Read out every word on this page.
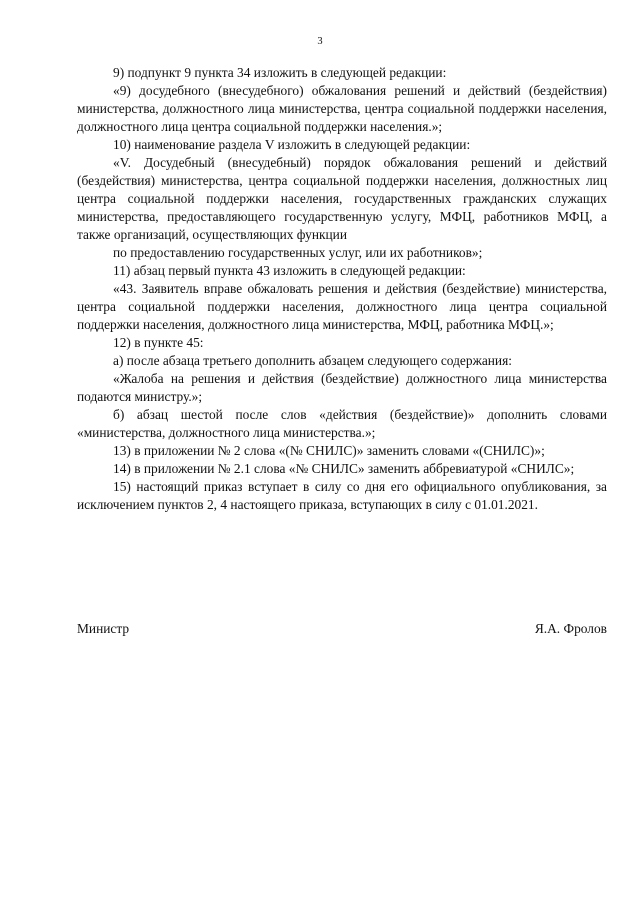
3

9) подпункт 9 пункта 34 изложить в следующей редакции:

«9) досудебного (внесудебного) обжалования решений и действий (бездействия) министерства, должностного лица министерства, центра социальной поддержки населения, должностного лица центра социальной поддержки населения.»;

10) наименование раздела V изложить в следующей редакции:

«V. Досудебный (внесудебный) порядок обжалования решений и действий (бездействия) министерства, центра социальной поддержки населения, должностных лиц центра социальной поддержки населения, государственных гражданских служащих министерства, предоставляющего государственную услугу, МФЦ, работников МФЦ, а также организаций, осуществляющих функции

по предоставлению государственных услуг, или их работников»;

11) абзац первый пункта 43 изложить в следующей редакции:

«43. Заявитель вправе обжаловать решения и действия (бездействие) министерства, центра социальной поддержки населения, должностного лица центра социальной поддержки населения, должностного лица министерства, МФЦ, работника МФЦ.»;

12) в пункте 45:

а) после абзаца третьего дополнить абзацем следующего содержания:

«Жалоба на решения и действия (бездействие) должностного лица министерства подаются министру.»;

б) абзац шестой после слов «действия (бездействие)» дополнить словами «министерства, должностного лица министерства.»;

13) в приложении № 2 слова «(№ СНИЛС)» заменить словами «(СНИЛС)»;

14) в приложении № 2.1 слова «№ СНИЛС» заменить аббревиатурой «СНИЛС»;

15) настоящий приказ вступает в силу со дня его официального опубликования, за исключением пунктов 2, 4 настоящего приказа, вступающих в силу с 01.01.2021.

Министр	Я.А. Фролов
